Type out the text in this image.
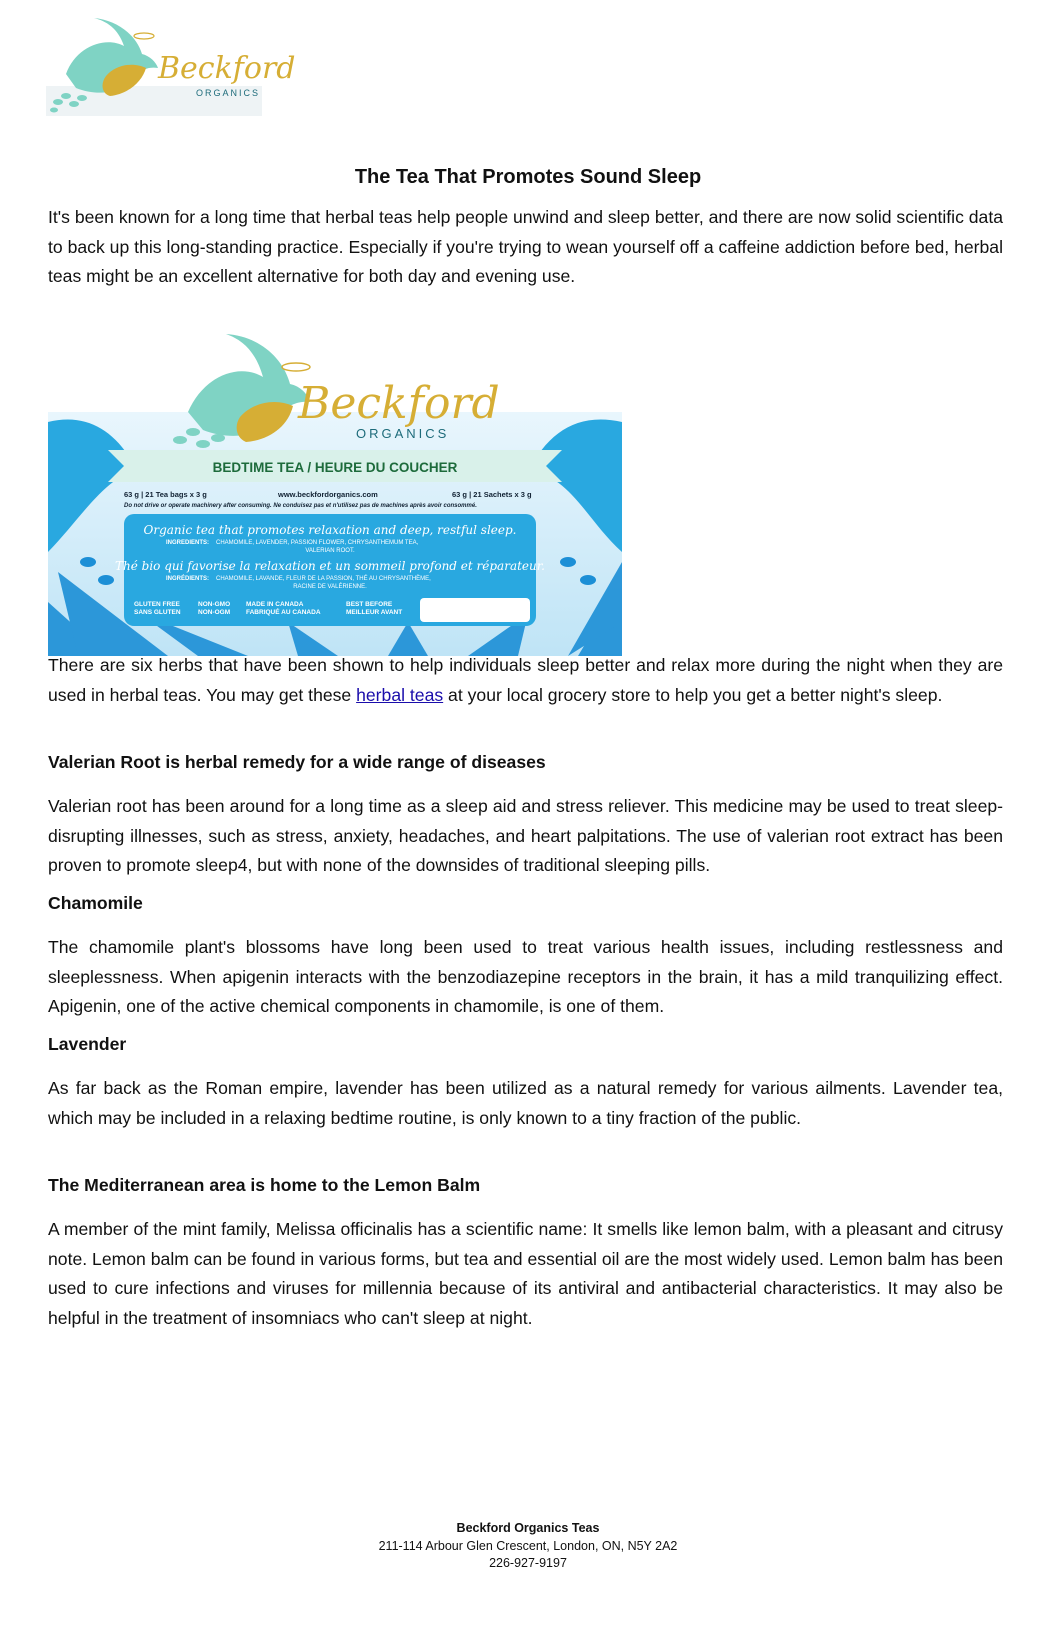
Beckford
ORGANICS
The Tea That Promotes Sound Sleep

It's been known for a long time that herbal teas help people unwind and sleep better, and there are now solid scientific data to back up this long-standing practice. Especially if you're trying to wean yourself off a caffeine addiction before bed, herbal teas might be an excellent alternative for both day and evening use.

Beckford
ORGANICS
BEDTIME TEA / HEURE DU COUCHER
63 g | 21 Tea bags x 3 g	www.beckfordorganics.com	63 g | 21 Sachets x 3 g
Do not drive or operate machinery after consuming. Ne conduisez pas et n'utilisez pas de machines après avoir consommé.
Organic tea that promotes relaxation and deep, restful sleep.
INGREDIENTS: CHAMOMILE, LAVENDER, PASSION FLOWER, CHRYSANTHEMUM TEA,
VALERIAN ROOT.
Thé bio qui favorise la relaxation et un sommeil profond et réparateur.
INGRÉDIENTS: CHAMOMILE, LAVANDE, FLEUR DE LA PASSION, THÉ AU CHRYSANTHÈME,
RACINE DE VALÉRIENNE.
GLUTEN FREE
SANS GLUTEN
NON-GMO
NON-OGM
MADE IN CANADA
FABRIQUÉ AU CANADA
BEST BEFORE
MEILLEUR AVANT

There are six herbs that have been shown to help individuals sleep better and relax more during the night when they are used in herbal teas. You may get these herbal teas at your local grocery store to help you get a better night's sleep.

Valerian Root is herbal remedy for a wide range of diseases

Valerian root has been around for a long time as a sleep aid and stress reliever. This medicine may be used to treat sleep-disrupting illnesses, such as stress, anxiety, headaches, and heart palpitations. The use of valerian root extract has been proven to promote sleep4, but with none of the downsides of traditional sleeping pills.

Chamomile

The chamomile plant's blossoms have long been used to treat various health issues, including restlessness and sleeplessness. When apigenin interacts with the benzodiazepine receptors in the brain, it has a mild tranquilizing effect. Apigenin, one of the active chemical components in chamomile, is one of them.

Lavender

As far back as the Roman empire, lavender has been utilized as a natural remedy for various ailments. Lavender tea, which may be included in a relaxing bedtime routine, is only known to a tiny fraction of the public.

The Mediterranean area is home to the Lemon Balm

A member of the mint family, Melissa officinalis has a scientific name: It smells like lemon balm, with a pleasant and citrusy note. Lemon balm can be found in various forms, but tea and essential oil are the most widely used. Lemon balm has been used to cure infections and viruses for millennia because of its antiviral and antibacterial characteristics. It may also be helpful in the treatment of insomniacs who can't sleep at night.

Beckford Organics Teas
211-114 Arbour Glen Crescent, London, ON, N5Y 2A2
226-927-9197
